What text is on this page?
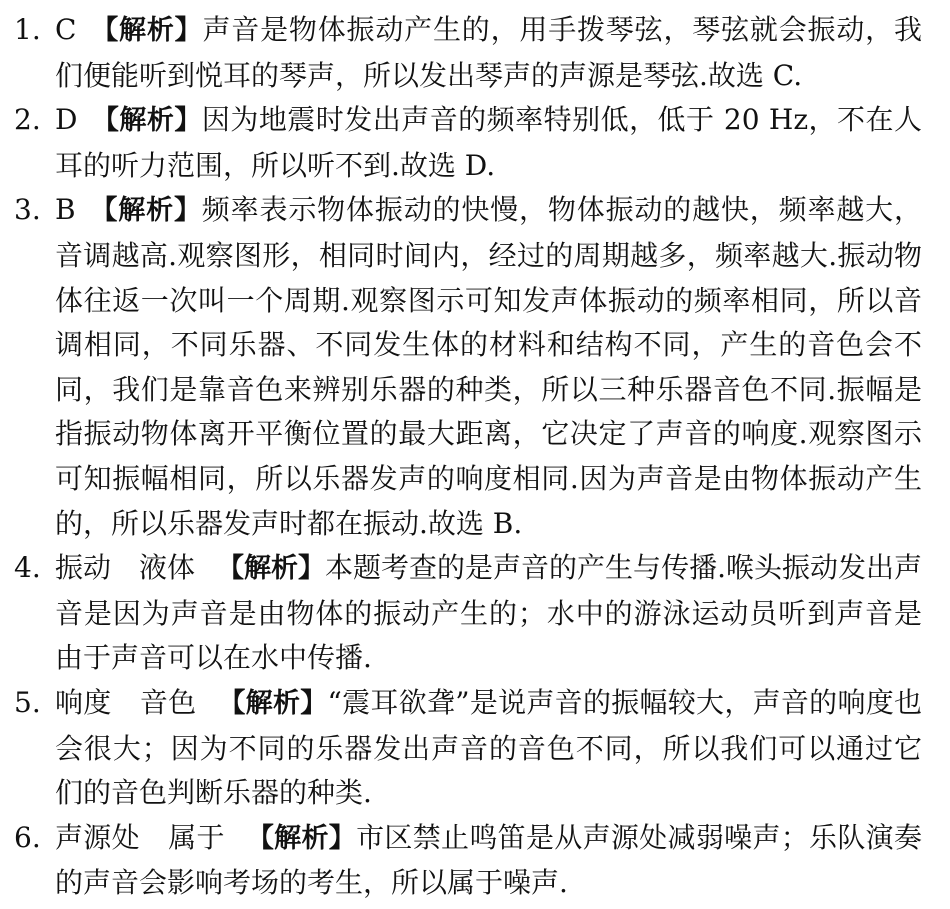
1. C 【解析】声音是物体振动产生的，用手拨琴弦，琴弦就会振动，我们便能听到悦耳的琴声，所以发出琴声的声源是琴弦.故选 C.
2. D 【解析】因为地震时发出声音的频率特别低，低于 20 Hz，不在人耳的听力范围，所以听不到.故选 D.
3. B 【解析】频率表示物体振动的快慢，物体振动的越快，频率越大，音调越高.观察图形，相同时间内，经过的周期越多，频率越大.振动物体往返一次叫一个周期.观察图示可知发声体振动的频率相同，所以音调相同，不同乐器、不同发生体的材料和结构不同，产生的音色会不同，我们是靠音色来辨别乐器的种类，所以三种乐器音色不同.振幅是指振动物体离开平衡位置的最大距离，它决定了声音的响度.观察图示可知振幅相同，所以乐器发声的响度相同.因为声音是由物体振动产生的，所以乐器发声时都在振动.故选 B.
4. 振动　液体 【解析】本题考查的是声音的产生与传播.喉头振动发出声音是因为声音是由物体的振动产生的；水中的游泳运动员听到声音是由于声音可以在水中传播.
5. 响度　音色 【解析】“震耳欲聋”是说声音的振幅较大，声音的响度也会很大；因为不同的乐器发出声音的音色不同，所以我们可以通过它们的音色判断乐器的种类.
6. 声源处　属于 【解析】市区禁止鸣笛是从声源处减弱噪声；乐队演奏的声音会影响考场的考生，所以属于噪声.
